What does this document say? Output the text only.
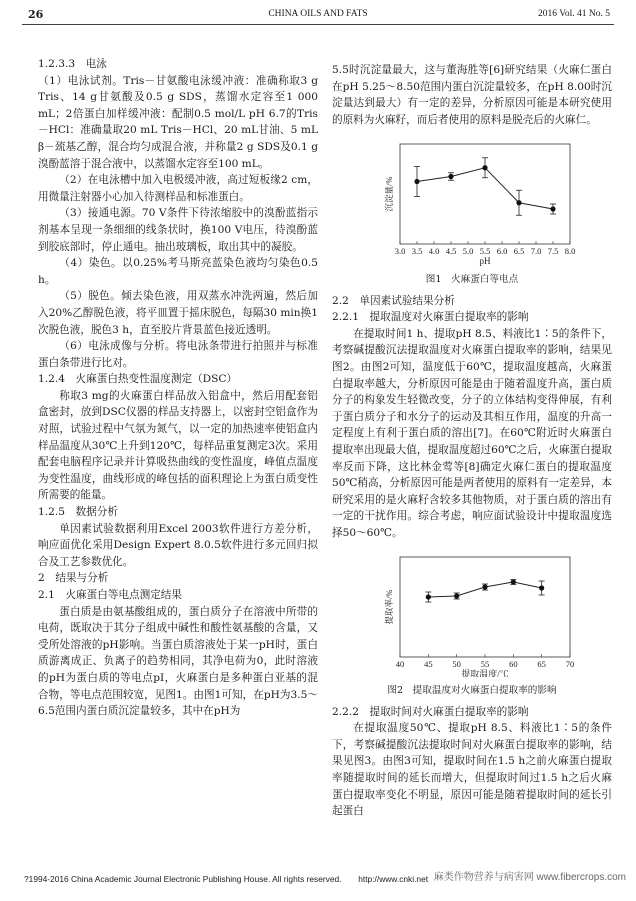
26	CHINA OILS AND FATS	2016 Vol. 41 No. 5
1.2.3.3　电泳
（1）电泳试剂。Tris－甘氨酸电泳缓冲液：准确称取3 g Tris、14 g甘氨酸及0.5 g SDS，蒸馏水定容至1 000 mL；2倍蛋白加样缓冲液：配制0.5 mol/L pH 6.7的Tris－HCl：准确量取20 mL Tris－HCl、20 mL甘油、5 mL β－巯基乙醇，混合均匀成混合液，并称量2 g SDS及0.1 g溴酚蓝溶于混合液中，以蒸馏水定容至100 mL。
（2）在电泳槽中加入电极缓冲液，高过短板缘2 cm，用微量注射器小心加入待测样品和标准蛋白。
（3）接通电源。70 V条件下待浓缩胶中的溴酚蓝指示剂基本呈现一条细细的线条状时，换100 V电压，待溴酚蓝到胶底部时，停止通电。抽出玻璃板，取出其中的凝胶。
（4）染色。以0.25%考马斯亮蓝染色液均匀染色0.5 h。
（5）脱色。倾去染色液，用双蒸水冲洗两遍，然后加入20%乙醇脱色液，将平皿置于摇床脱色，每隔30 min换1次脱色液，脱色3 h，直至胶片背景蓝色接近透明。
（6）电泳成像与分析。将电泳条带进行拍照并与标准蛋白条带进行比对。
1.2.4　火麻蛋白热变性温度测定（DSC）
称取3 mg的火麻蛋白样品放入铝盒中，然后用配套铝盒密封，放到DSC仪器的样品支持器上，以密封空铝盒作为对照，试验过程中气氛为氮气，以一定的加热速率使铝盒内样品温度从30℃上升到120℃，每样品重复测定3次。采用配套电脑程序记录并计算吸热曲线的变性温度，峰值点温度为变性温度，曲线形成的峰包括的面积理论上为蛋白质变性所需要的能量。
1.2.5　数据分析
单因素试验数据利用Excel 2003软件进行方差分析，响应面优化采用Design Expert 8.0.5软件进行多元回归拟合及工艺参数优化。
2　结果与分析
2.1　火麻蛋白等电点测定结果
蛋白质是由氨基酸组成的，蛋白质分子在溶液中所带的电荷，既取决于其分子组成中碱性和酸性氨基酸的含量，又受所处溶液的pH影响。当蛋白质溶液处于某一pH时，蛋白质游离成正、负离子的趋势相同，其净电荷为0，此时溶液的pH为蛋白质的等电点pI，火麻蛋白是多种蛋白亚基的混合物，等电点范围较宽，见图1。由图1可知，在pH为3.5～6.5范围内蛋白质沉淀量较多，其中在pH为
5.5时沉淀量最大，这与董海胜等[6]研究结果（火麻仁蛋白在pH 5.25～8.50范围内蛋白沉淀量较多，在pH 8.00时沉淀量达到最大）有一定的差异，分析原因可能是本研究使用的原料为火麻籽，而后者使用的原料是脱壳后的火麻仁。
3.0 3.5 4.0 4.5 5.0 5.5 6.0 6.5 7.0 7.5 8.0
pH
沉淀量/%
图1　火麻蛋白等电点
2.2　单因素试验结果分析
2.2.1　提取温度对火麻蛋白提取率的影响
在提取时间1 h、提取pH 8.5、料液比1∶5的条件下，考察碱提酸沉法提取温度对火麻蛋白提取率的影响，结果见图2。由图2可知，温度低于60℃，提取温度越高，火麻蛋白提取率越大，分析原因可能是由于随着温度升高，蛋白质分子的构象发生轻微改变，分子的立体结构变得伸展，有利于蛋白质分子和水分子的运动及其相互作用，温度的升高一定程度上有利于蛋白质的溶出[7]。在60℃附近时火麻蛋白提取率出现最大值，提取温度超过60℃之后，火麻蛋白提取率反而下降，这比林金莺等[8]确定火麻仁蛋白的提取温度50℃稍高，分析原因可能是两者使用的原料有一定差异，本研究采用的是火麻籽含较多其他物质，对于蛋白质的溶出有一定的干扰作用。综合考虑，响应面试验设计中提取温度选择50～60℃。
40 45 50 55 60 65 70
提取温度/℃
提取率/%
图2　提取温度对火麻蛋白提取率的影响
2.2.2　提取时间对火麻蛋白提取率的影响
在提取温度50℃、提取pH 8.5、料液比1∶5的条件下，考察碱提酸沉法提取时间对火麻蛋白提取率的影响，结果见图3。由图3可知，提取时间在1.5 h之前火麻蛋白提取率随提取时间的延长而增大，但提取时间过1.5 h之后火麻蛋白提取率变化不明显，原因可能是随着提取时间的延长引起蛋白
?1994-2016 China Academic Journal Electronic Publishing House. All rights reserved.　　http://www.cnki.net 麻类作物营养与病害网 www.fibercrops.com
